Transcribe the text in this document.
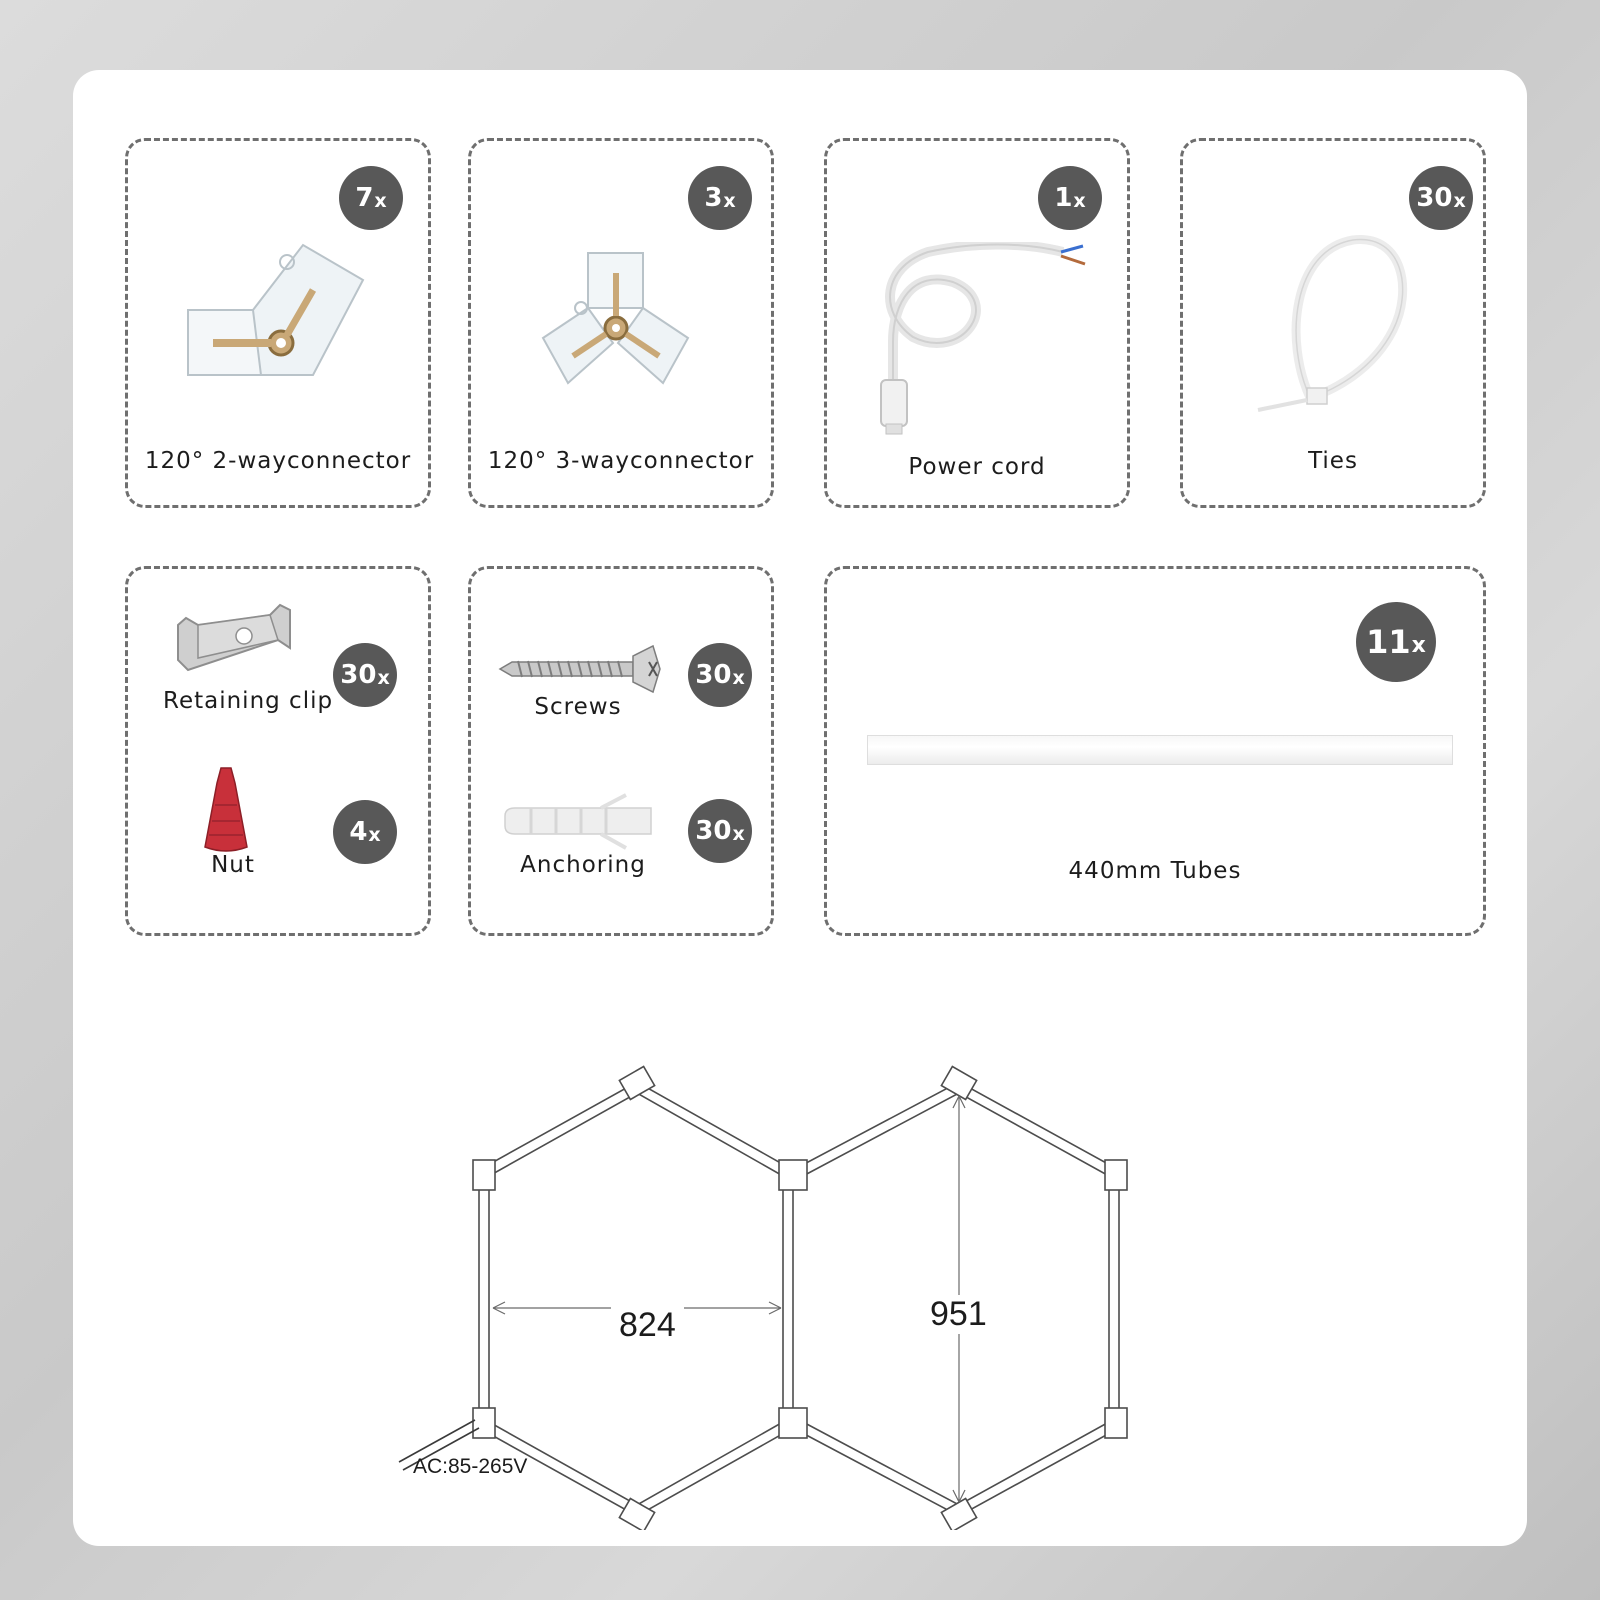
7 x
120° 2-wayconnector
3 x
120° 3-wayconnector
1 x
Power cord
30 x
Ties
30 x
Retaining clip
4 x
Nut
30 x
Screws
30 x
Anchoring
11 x
440mm Tubes
824	951
AC:85-265V
